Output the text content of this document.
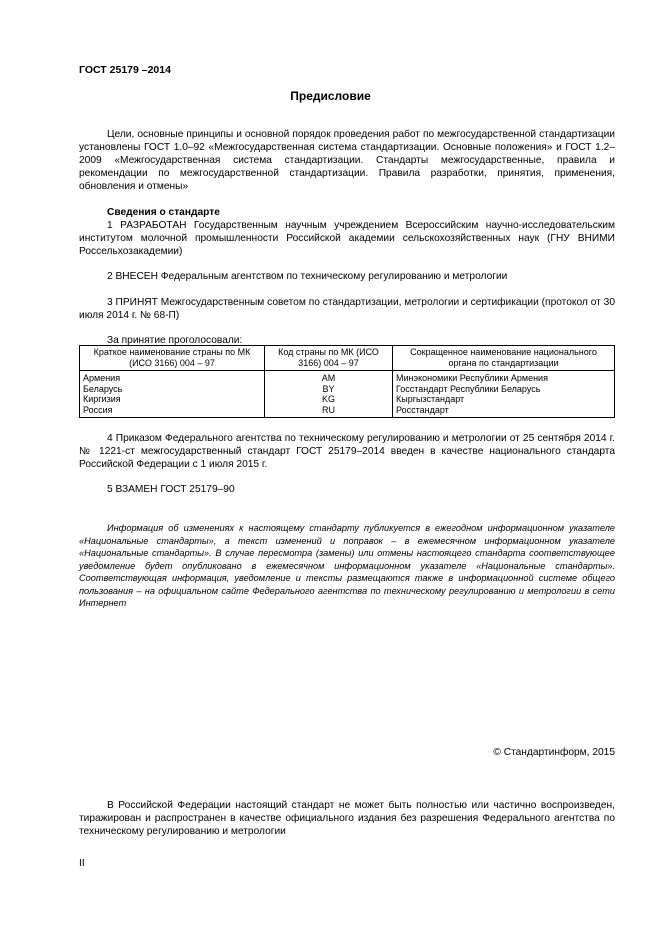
ГОСТ 25179 –2014
Предисловие
Цели, основные принципы и основной порядок проведения работ по межгосударственной стандартизации установлены ГОСТ 1.0–92 «Межгосударственная система стандартизации. Основные положения» и ГОСТ 1.2–2009 «Межгосударственная система стандартизации. Стандарты межгосударственные, правила и рекомендации по межгосударственной стандартизации. Правила разработки, принятия, применения, обновления и отмены»
Сведения о стандарте
1 РАЗРАБОТАН Государственным научным учреждением Всероссийским научно-исследовательским институтом молочной промышленности Российской академии сельскохозяйственных наук (ГНУ ВНИМИ Россельхозакадемии)
2 ВНЕСЕН Федеральным агентством по техническому регулированию и метрологии
3 ПРИНЯТ Межгосударственным советом по стандартизации, метрологии и сертификации (протокол от 30 июля 2014 г. № 68-П)
За принятие проголосовали:
Краткое наименование страны по МК (ИСО 3166) 004 – 97	Код страны по МК (ИСО 3166) 004 – 97	Сокращенное наименование национального органа по стандартизации
Армения	AM	Минэкономики Республики Армения
Беларусь	BY	Госстандарт Республики Беларусь
Киргизия	KG	Кыргызстандарт
Россия	RU	Росстандарт
4 Приказом Федерального агентства по техническому регулированию и метрологии от 25 сентября 2014 г. № 1221-ст межгосударственный стандарт ГОСТ 25179–2014 введен в качестве национального стандарта Российской Федерации с 1 июля 2015 г.
5 ВЗАМЕН ГОСТ 25179–90
Информация об изменениях к настоящему стандарту публикуется в ежегодном информационном указателе «Национальные стандарты», а текст изменений и поправок – в ежемесячном информационном указателе «Национальные стандарты». В случае пересмотра (замены) или отмены настоящего стандарта соответствующее уведомление будет опубликовано в ежемесячном информационном указателе «Национальные стандарты». Соответствующая информация, уведомление и тексты размещаются также в информационной системе общего пользования – на официальном сайте Федерального агентства по техническому регулированию и метрологии в сети Интернет
© Стандартинформ, 2015
В Российской Федерации настоящий стандарт не может быть полностью или частично воспроизведен, тиражирован и распространен в качестве официального издания без разрешения Федерального агентства по техническому регулированию и метрологии
II
